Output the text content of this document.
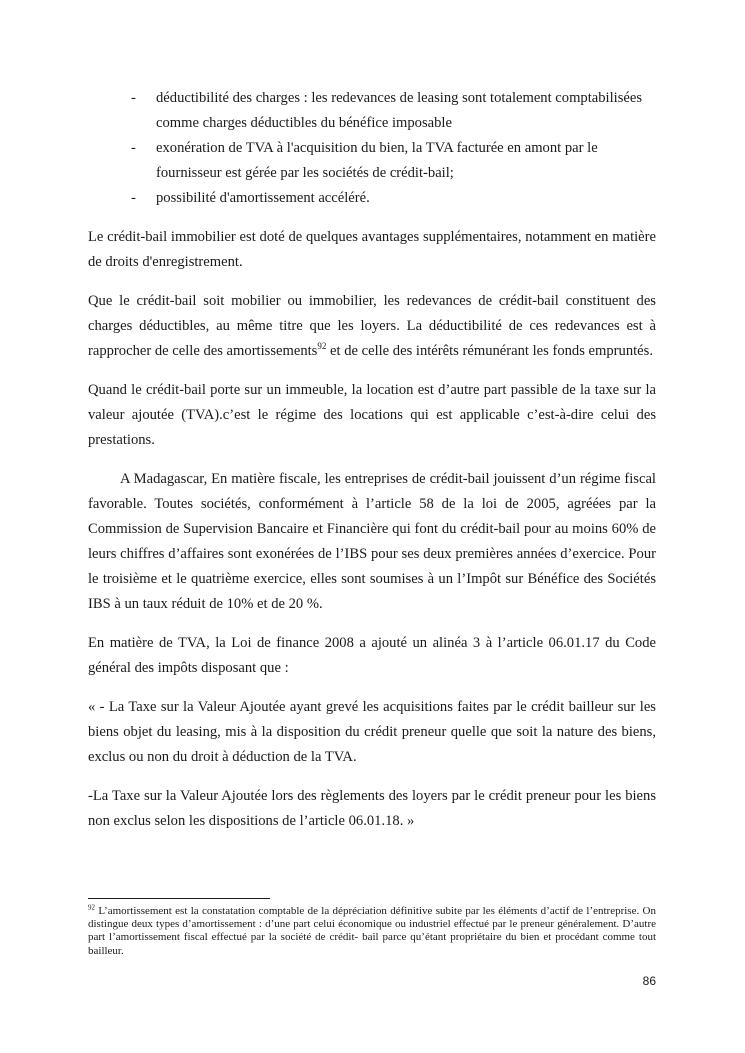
- déductibilité des charges : les redevances de leasing sont totalement comptabilisées comme charges déductibles du bénéfice imposable
- exonération de TVA à l'acquisition du bien, la TVA facturée en amont par le fournisseur est gérée par les sociétés de crédit-bail;
- possibilité d'amortissement accéléré.

Le crédit-bail immobilier est doté de quelques avantages supplémentaires, notamment en matière de droits d'enregistrement.

Que le crédit-bail soit mobilier ou immobilier, les redevances de crédit-bail constituent des charges déductibles, au même titre que les loyers. La déductibilité de ces redevances est à rapprocher de celle des amortissements$^{92}$ et de celle des intérêts rémunérant les fonds empruntés.

Quand le crédit-bail porte sur un immeuble, la location est d’autre part passible de la taxe sur la valeur ajoutée (TVA).c’est le régime des locations qui est applicable c’est-à-dire celui des prestations.

A Madagascar, En matière fiscale, les entreprises de crédit-bail jouissent d’un régime fiscal favorable. Toutes sociétés, conformément à l’article 58 de la loi de 2005, agréées par la Commission de Supervision Bancaire et Financière qui font du crédit-bail pour au moins 60% de leurs chiffres d’affaires sont exonérées de l’IBS pour ses deux premières années d’exercice. Pour le troisième et le quatrième exercice, elles sont soumises à un l’Impôt sur Bénéfice des Sociétés IBS à un taux réduit de 10% et de 20 %.

En matière de TVA, la Loi de finance 2008 a ajouté un alinéa 3 à l’article 06.01.17 du Code général des impôts disposant que :

« - La Taxe sur la Valeur Ajoutée ayant grevé les acquisitions faites par le crédit bailleur sur les biens objet du leasing, mis à la disposition du crédit preneur quelle que soit la nature des biens, exclus ou non du droit à déduction de la TVA.

-La Taxe sur la Valeur Ajoutée lors des règlements des loyers par le crédit preneur pour les biens non exclus selon les dispositions de l’article 06.01.18. »

$^{92}$ L’amortissement est la constatation comptable de la dépréciation définitive subite par les éléments d’actif de l’entreprise. On distingue deux types d’amortissement : d’une part celui économique ou industriel effectué par le preneur généralement. D’autre part l’amortissement fiscal effectué par la société de crédit- bail parce qu’étant propriétaire du bien et procédant comme tout bailleur.
86
